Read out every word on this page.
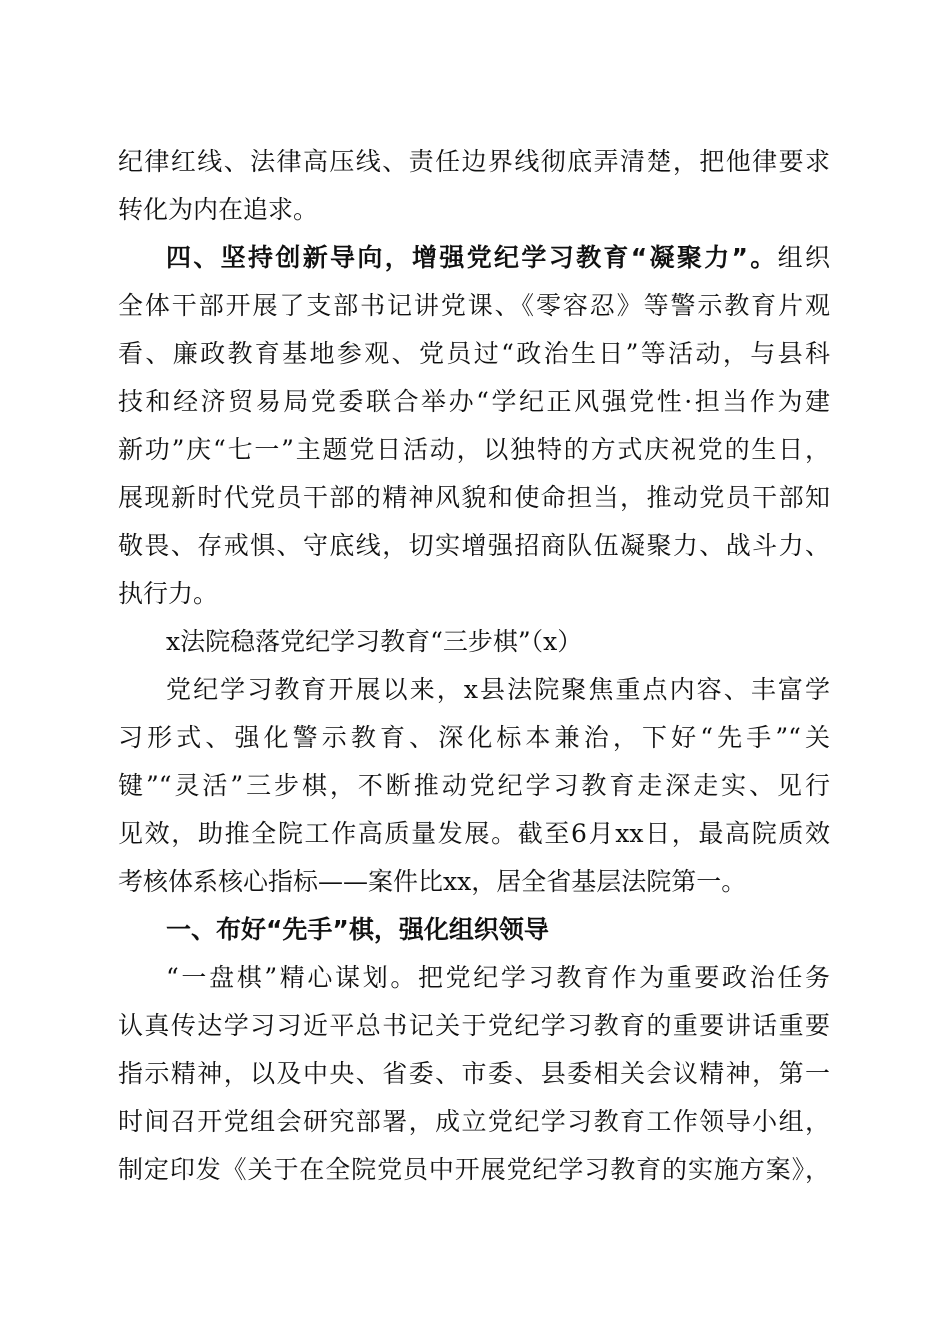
纪律红线、法律高压线、责任边界线彻底弄清楚，把他律要求
转化为内在追求。
四、坚持创新导向，增强党纪学习教育“凝聚力”。组织
全体干部开展了支部书记讲党课、《零容忍》等警示教育片观
看、廉政教育基地参观、党员过“政治生日”等活动，与县科
技和经济贸易局党委联合举办“学纪正风强党性·担当作为建
新功”庆“七一”主题党日活动，以独特的方式庆祝党的生日，
展现新时代党员干部的精神风貌和使命担当，推动党员干部知
敬畏、存戒惧、守底线，切实增强招商队伍凝聚力、战斗力、
执行力。
x法院稳落党纪学习教育“三步棋”（x）
党纪学习教育开展以来，x县法院聚焦重点内容、丰富学
习形式、强化警示教育、深化标本兼治，下好“先手”“关
键”“灵活”三步棋，不断推动党纪学习教育走深走实、见行
见效，助推全院工作高质量发展。截至6月xx日，最高院质效
考核体系核心指标——案件比xx，居全省基层法院第一。
一、布好“先手”棋，强化组织领导
“一盘棋”精心谋划。把党纪学习教育作为重要政治任务
认真传达学习习近平总书记关于党纪学习教育的重要讲话重要
指示精神，以及中央、省委、市委、县委相关会议精神，第一
时间召开党组会研究部署，成立党纪学习教育工作领导小组，
制定印发《关于在全院党员中开展党纪学习教育的实施方案》，
